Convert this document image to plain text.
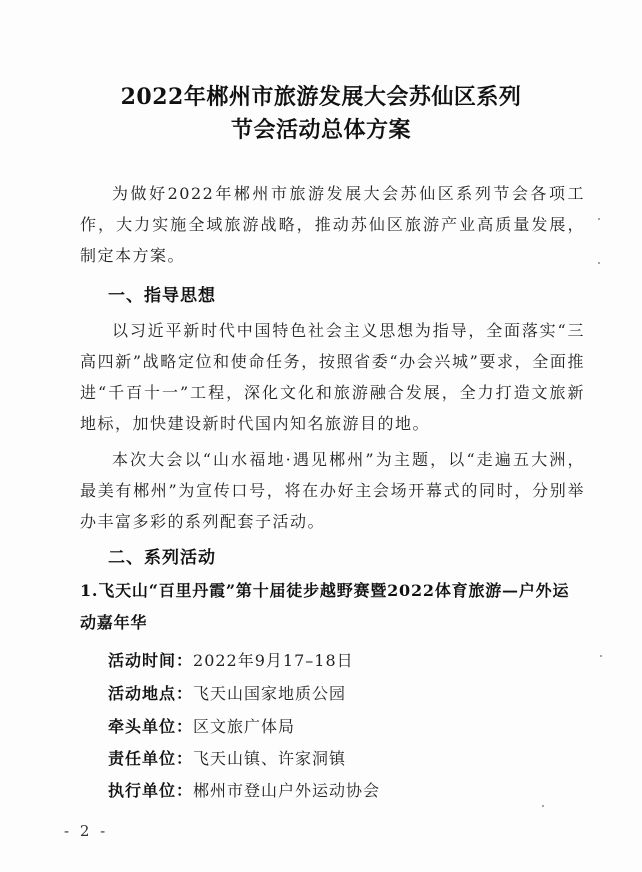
2022年郴州市旅游发展大会苏仙区系列
节会活动总体方案
为做好2022年郴州市旅游发展大会苏仙区系列节会各项工作，大力实施全域旅游战略，推动苏仙区旅游产业高质量发展，制定本方案。
一、指导思想
以习近平新时代中国特色社会主义思想为指导，全面落实“三高四新”战略定位和使命任务，按照省委“办会兴城”要求，全面推进“千百十一”工程，深化文化和旅游融合发展，全力打造文旅新地标，加快建设新时代国内知名旅游目的地。
本次大会以“山水福地·遇见郴州”为主题，以“走遍五大洲，最美有郴州”为宣传口号，将在办好主会场开幕式的同时，分别举办丰富多彩的系列配套子活动。
二、系列活动
1.飞天山“百里丹霞”第十届徒步越野赛暨2022体育旅游—户外运动嘉年华
活动时间：2022年9月17–18日
活动地点：飞天山国家地质公园
牵头单位：区文旅广体局
责任单位：飞天山镇、许家洞镇
执行单位：郴州市登山户外运动协会
- 2 -
